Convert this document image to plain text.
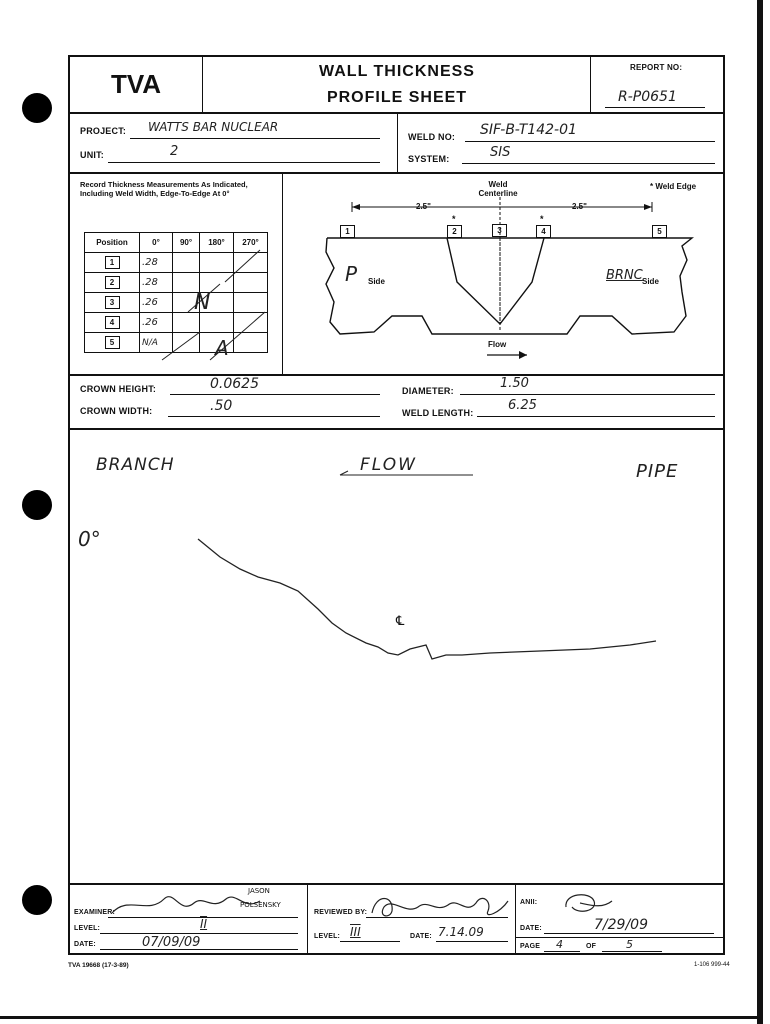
TVA	WALL THICKNESS
PROFILE SHEET
REPORT NO:
R-P0651
PROJECT: WATTS BAR NUCLEAR
UNIT:	2
WELD NO: SIF-B-T142-01
SYSTEM:	SIS
Record Thickness Measurements As Indicated, Including Weld Width, Edge-To-Edge At 0°
Position	0°	90°	180°	270°
1	.28			
2	.28			
3	.26			
4	.26			
5	N/A			
N
A
Weld
Centerline
* Weld Edge
2.5"	2.5"
1	2	3	4	5
*	*
P Side	BRNC Side
Flow
CROWN HEIGHT:	0.0625
CROWN WIDTH:	.50
DIAMETER:	1.50
WELD LENGTH:	6.25
BRANCH	FLOW	PIPE
0°
℄
EXAMINER:
JASON
POLSENSKY
LEVEL:	II
DATE:	07/09/09
REVIEWED BY:
LEVEL: III	DATE: 7.14.09
ANII:
DATE:	7/29/09
PAGE 4	OF	5
TVA 19668 (17-3-89)	1-106 999-44
